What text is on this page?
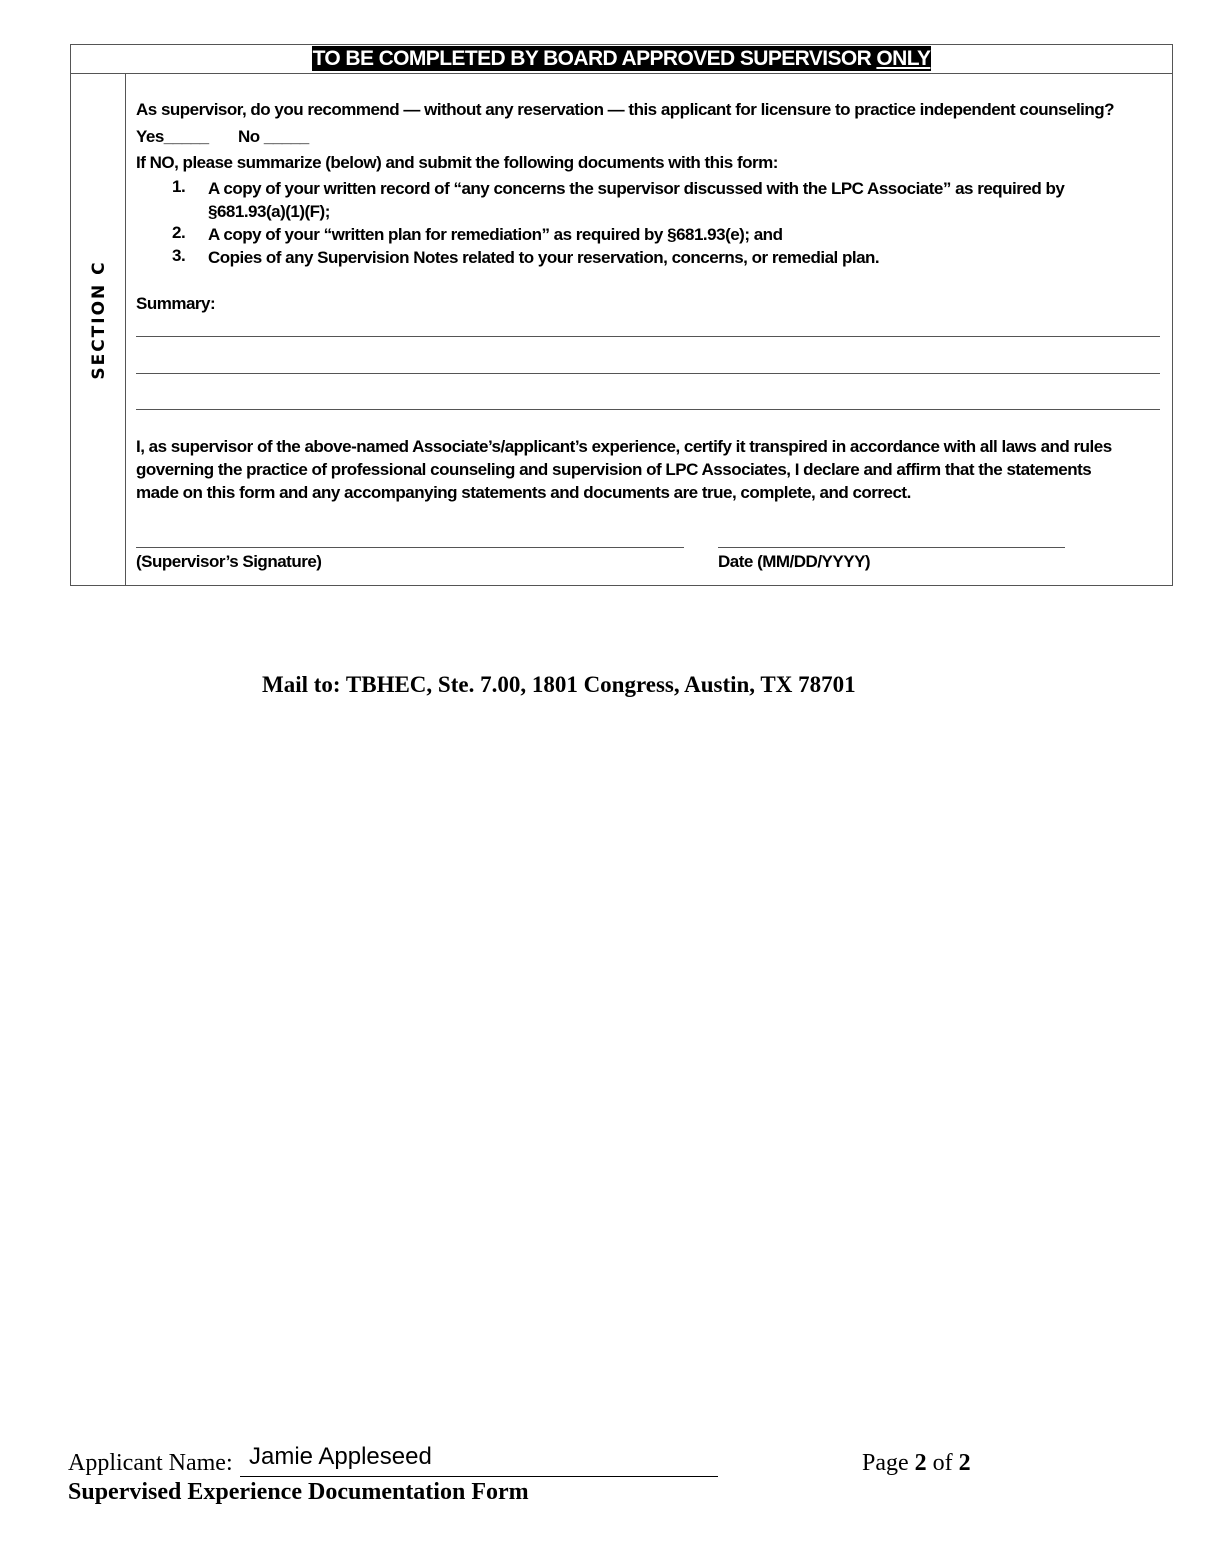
TO BE COMPLETED BY BOARD APPROVED SUPERVISOR ONLY
SECTION C
As supervisor, do you recommend — without any reservation — this applicant for licensure to practice independent counseling?
Yes_____ No _____
If NO, please summarize (below) and submit the following documents with this form:
1. A copy of your written record of “any concerns the supervisor discussed with the LPC Associate” as required by
§681.93(a)(1)(F);
2. A copy of your “written plan for remediation” as required by §681.93(e); and
3. Copies of any Supervision Notes related to your reservation, concerns, or remedial plan.
Summary:
I, as supervisor of the above-named Associate’s/applicant’s experience, certify it transpired in accordance with all laws and rules
governing the practice of professional counseling and supervision of LPC Associates, I declare and affirm that the statements
made on this form and any accompanying statements and documents are true, complete, and correct.
(Supervisor’s Signature)	Date (MM/DD/YYYY)
Mail to: TBHEC, Ste. 7.00, 1801 Congress, Austin, TX 78701
Applicant Name: Jamie Appleseed	Page 2 of 2
Supervised Experience Documentation Form
